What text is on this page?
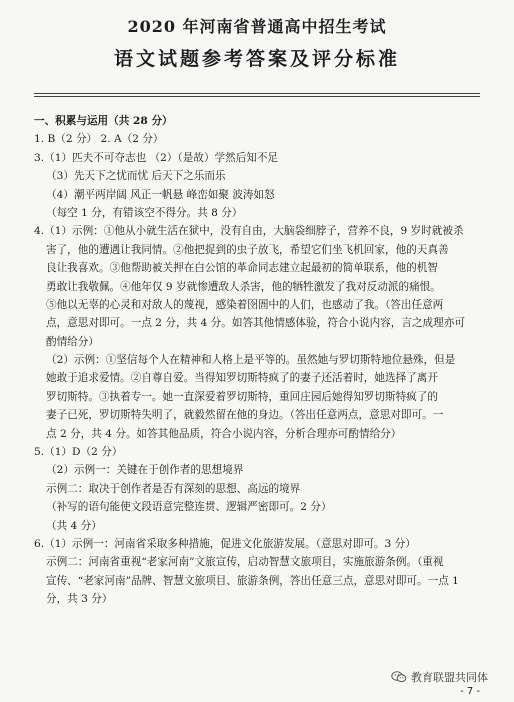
2020 年河南省普通高中招生考试
语文试题参考答案及评分标准
一、积累与运用（共 28 分）
1. B（2 分） 2. A（2 分）
3.（1）匹夫不可夺志也 （2）（是故）学然后知不足
（3）先天下之忧而忧 后天下之乐而乐
（4）潮平两岸阔 风正一帆悬 峰峦如聚 波涛如怒
（每空 1 分，有错该空不得分。共 8 分）
4.（1）示例：①他从小就生活在狱中，没有自由，大脑袋细脖子，营养不良，9 岁时就被杀
害了，他的遭遇让我同情。②他把捉到的虫子放飞，希望它们坐飞机回家，他的天真善
良让我喜欢。③他帮助被关押在白公馆的革命同志建立起最初的简单联系，他的机智
勇敢让我敬佩。④他年仅 9 岁就惨遭敌人杀害，他的牺牲激发了我对反动派的痛恨。
⑤他以无辜的心灵和对敌人的蔑视，感染着囹圄中的人们，也感动了我。（答出任意两
点，意思对即可。一点 2 分，共 4 分。如答其他情感体验，符合小说内容，言之成理亦可
酌情给分）
（2）示例：①坚信每个人在精神和人格上是平等的。虽然她与罗切斯特地位悬殊，但是
她敢于追求爱情。②自尊自爱。当得知罗切斯特疯了的妻子还活着时，她选择了离开
罗切斯特。③执着专一。她一直深爱着罗切斯特，重回庄园后她得知罗切斯特疯了的
妻子已死，罗切斯特失明了，就毅然留在他的身边。（答出任意两点，意思对即可。一
点 2 分，共 4 分。如答其他品质，符合小说内容，分析合理亦可酌情给分）
5.（1）D（2 分）
（2）示例一：关键在于创作者的思想境界
示例二：取决于创作者是否有深刻的思想、高远的境界
（补写的语句能使文段语意完整连贯、逻辑严密即可。2 分）
（共 4 分）
6.（1）示例一：河南省采取多种措施，促进文化旅游发展。（意思对即可。3 分）
示例二：河南省重视“老家河南”文旅宣传，启动智慧文旅项目，实施旅游条例。（重视
宣传、“老家河南”品牌、智慧文旅项目、旅游条例，答出任意三点，意思对即可。一点 1
分，共 3 分）
教育联盟共同体
- 7 -
